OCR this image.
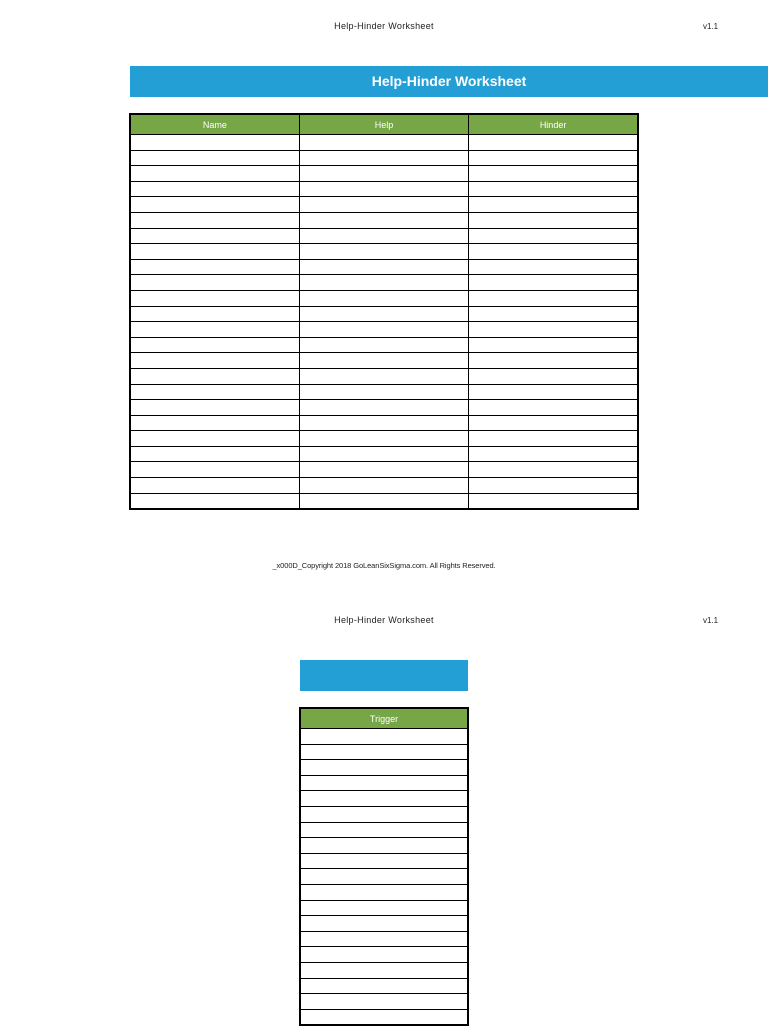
Help-Hinder Worksheet	v1.1
Help-Hinder Worksheet
Name	Help	Hinder

_x000D_Copyright 2018 GoLeanSixSigma.com. All Rights Reserved.
Help-Hinder Worksheet	v1.1
Trigger
